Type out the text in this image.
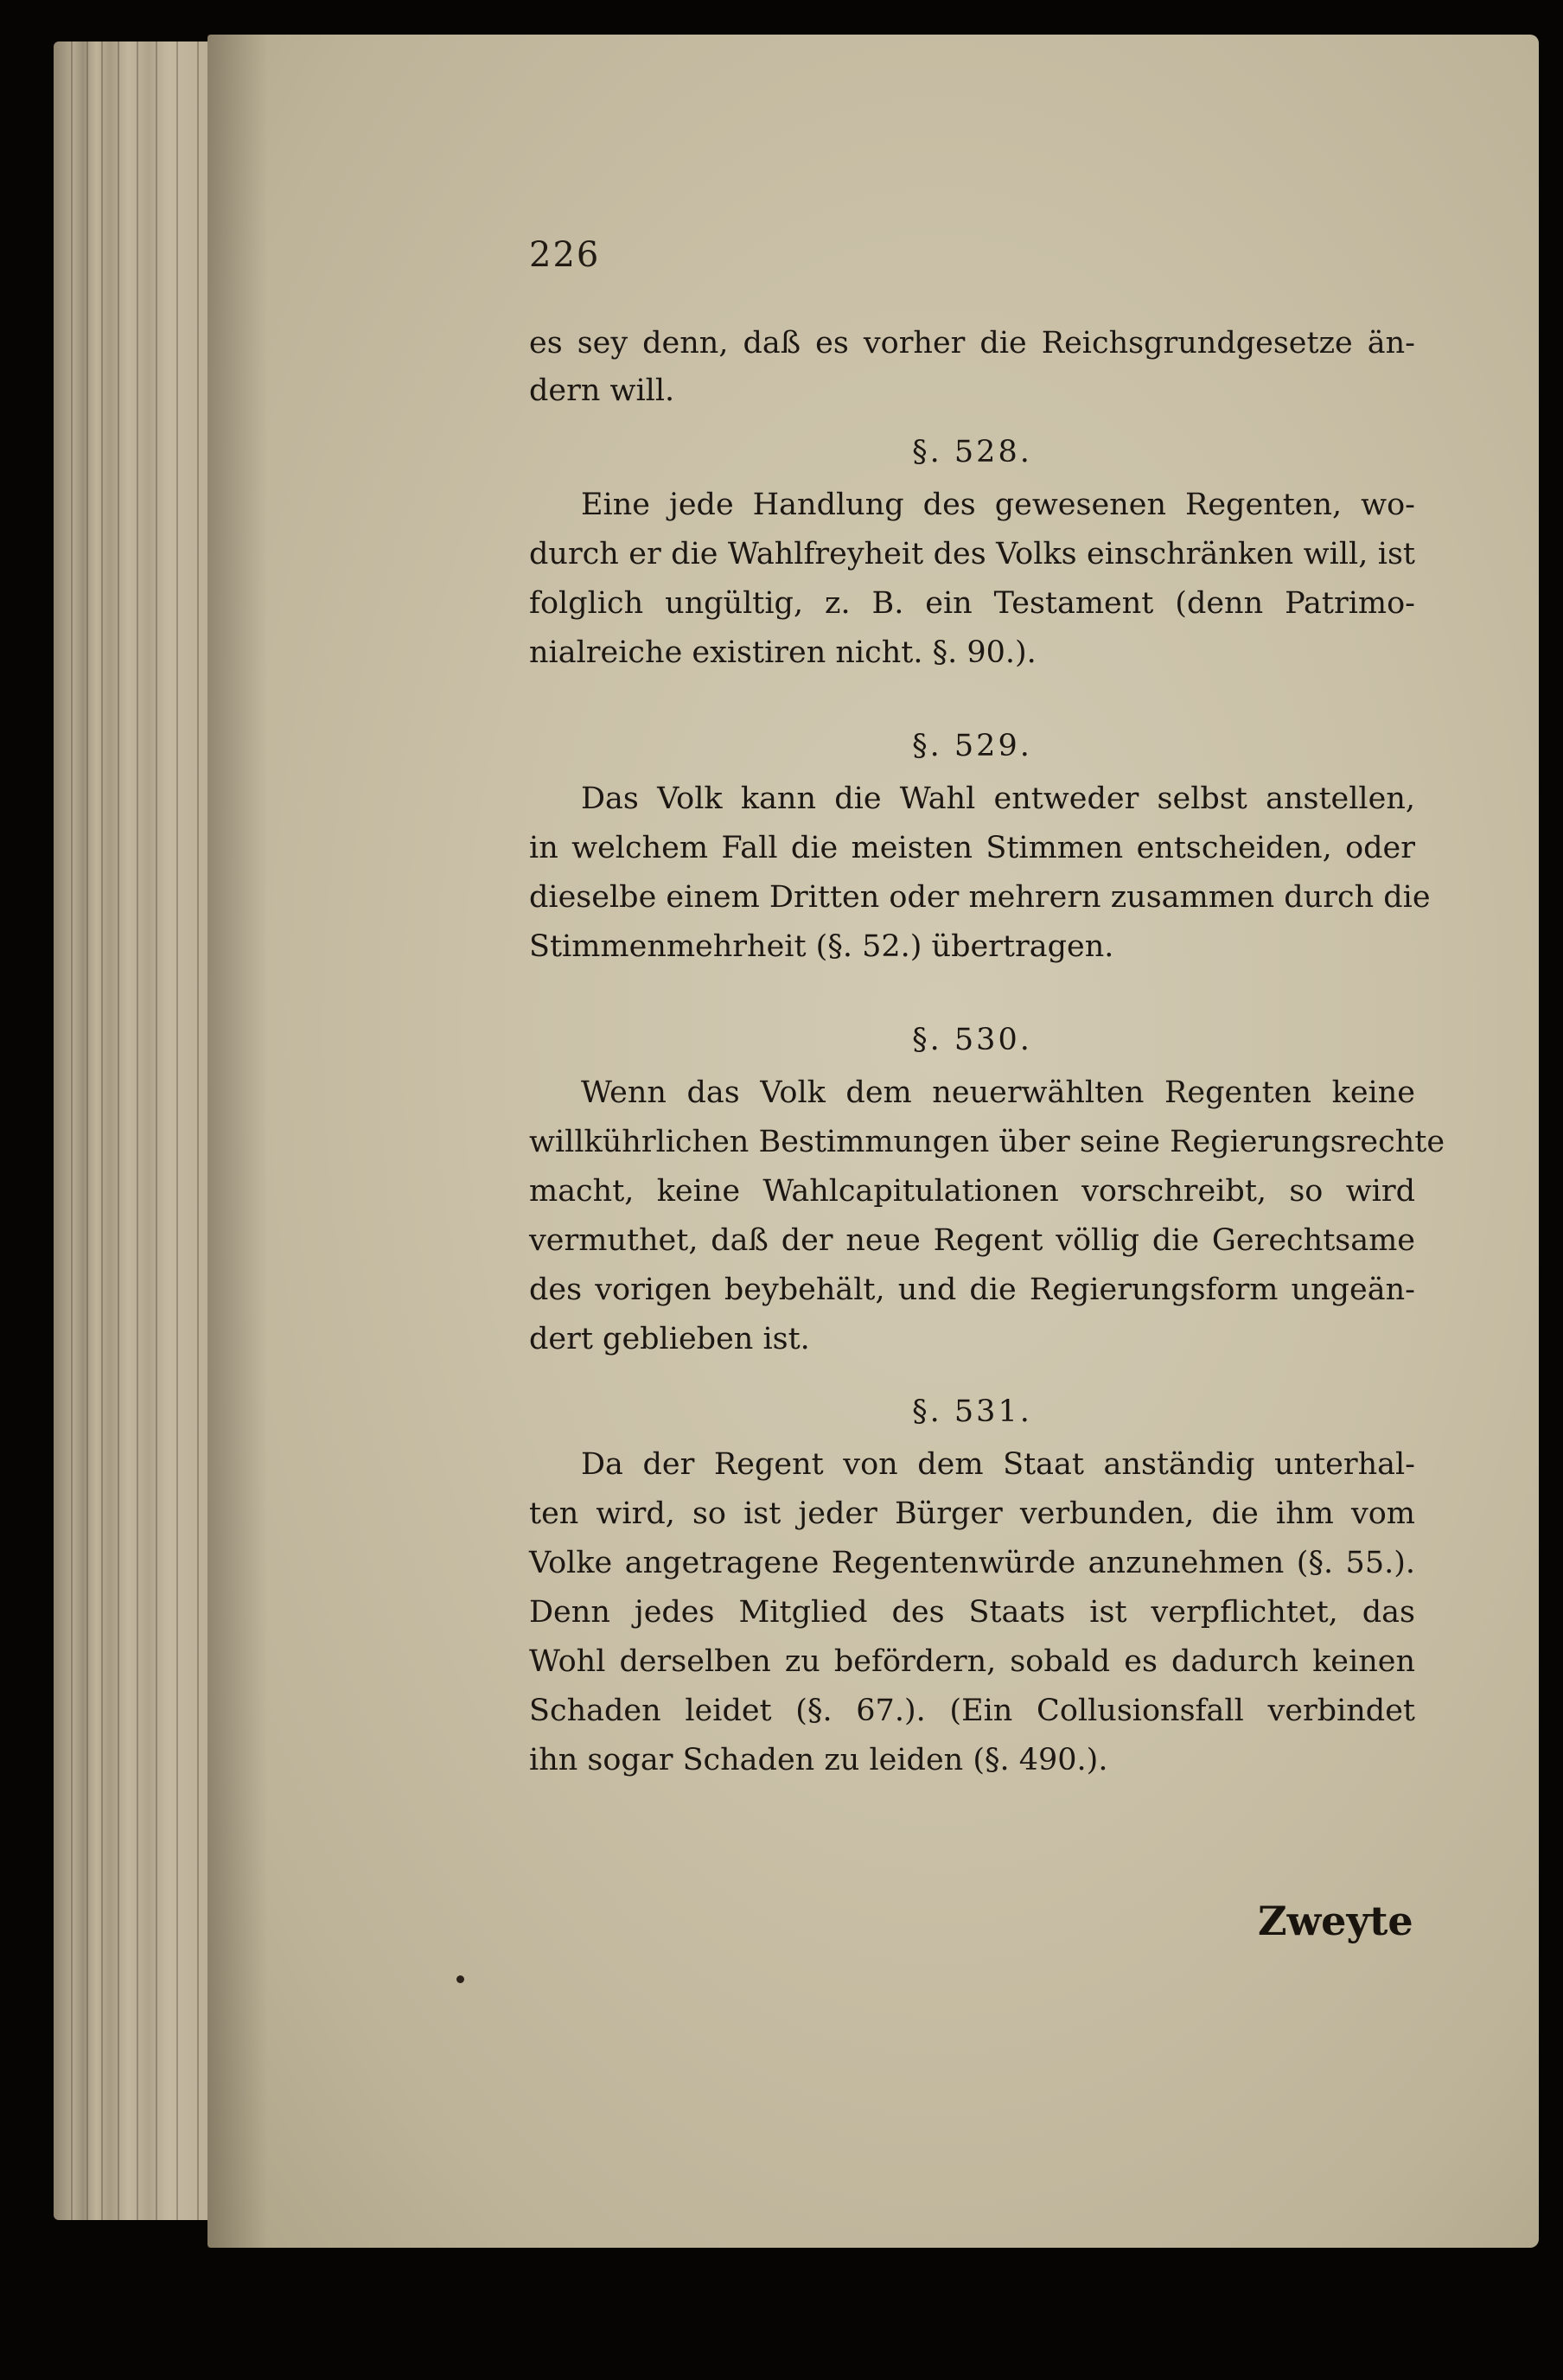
226
es sey denn, daß es vorher die Reichsgrundgesetze än-
dern will.
§. 528.
Eine jede Handlung des gewesenen Regenten, wo-
durch er die Wahlfreyheit des Volks einschränken will, ist
folglich ungültig, z. B. ein Testament (denn Patrimo-
nialreiche existiren nicht. §. 90.).
§. 529.
Das Volk kann die Wahl entweder selbst anstellen,
in welchem Fall die meisten Stimmen entscheiden, oder
dieselbe einem Dritten oder mehrern zusammen durch die
Stimmenmehrheit (§. 52.) übertragen.
§. 530.
Wenn das Volk dem neuerwählten Regenten keine
willkührlichen Bestimmungen über seine Regierungsrechte
macht, keine Wahlcapitulationen vorschreibt, so wird
vermuthet, daß der neue Regent völlig die Gerechtsame
des vorigen beybehält, und die Regierungsform ungeän-
dert geblieben ist.
§. 531.
Da der Regent von dem Staat anständig unterhal-
ten wird, so ist jeder Bürger verbunden, die ihm vom
Volke angetragene Regentenwürde anzunehmen (§. 55.).
Denn jedes Mitglied des Staats ist verpflichtet, das
Wohl derselben zu befördern, sobald es dadurch keinen
Schaden leidet (§. 67.). (Ein Collusionsfall verbindet
ihn sogar Schaden zu leiden (§. 490.).
Zweyte
